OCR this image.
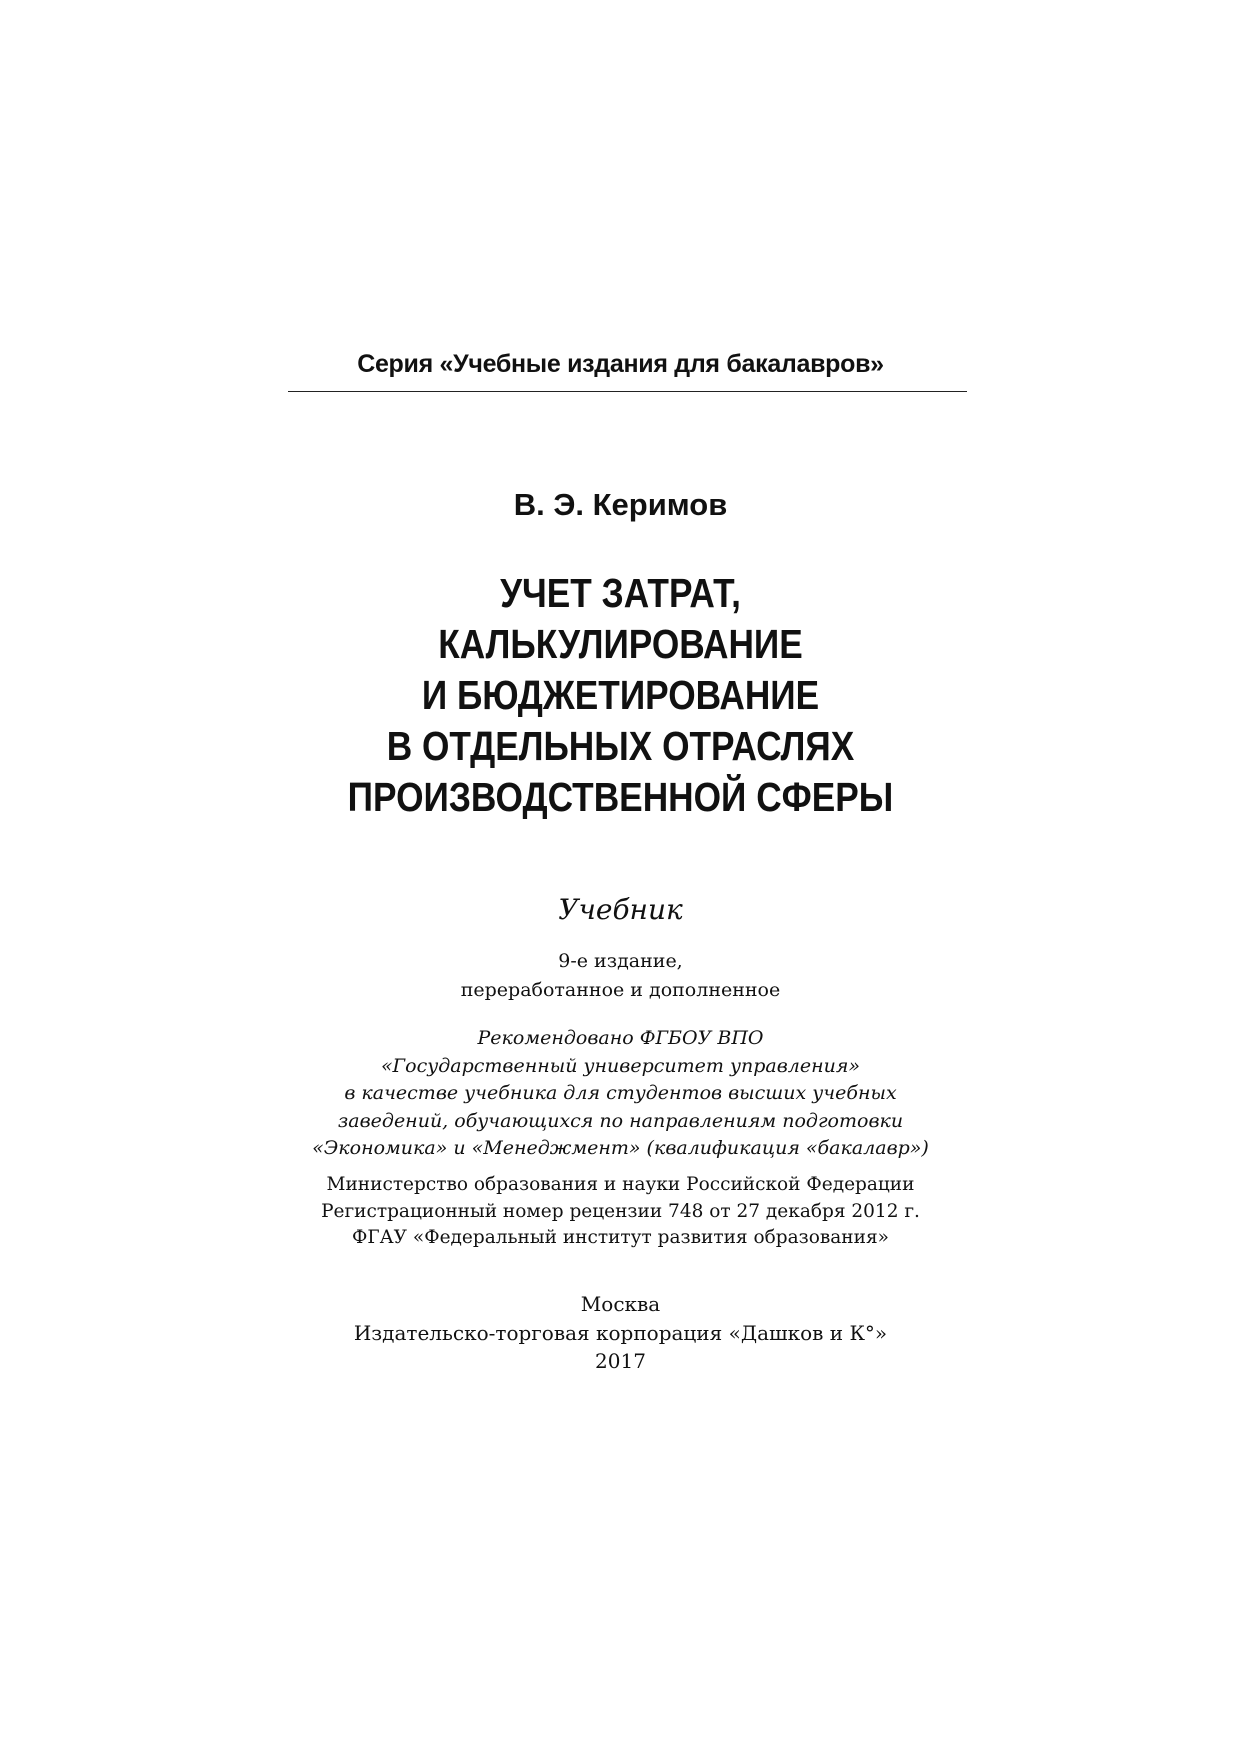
Серия «Учебные издания для бакалавров»
В. Э. Керимов
УЧЕТ ЗАТРАТ,
КАЛЬКУЛИРОВАНИЕ
И БЮДЖЕТИРОВАНИЕ
В ОТДЕЛЬНЫХ ОТРАСЛЯХ
ПРОИЗВОДСТВЕННОЙ СФЕРЫ
Учебник
9-е издание,
переработанное и дополненное
Рекомендовано ФГБОУ ВПО
«Государственный университет управления»
в качестве учебника для студентов высших учебных
заведений, обучающихся по направлениям подготовки
«Экономика» и «Менеджмент» (квалификация «бакалавр»)
Министерство образования и науки Российской Федерации
Регистрационный номер рецензии 748 от 27 декабря 2012 г.
ФГАУ «Федеральный институт развития образования»
Москва
Издательско-торговая корпорация «Дашков и К°»
2017
